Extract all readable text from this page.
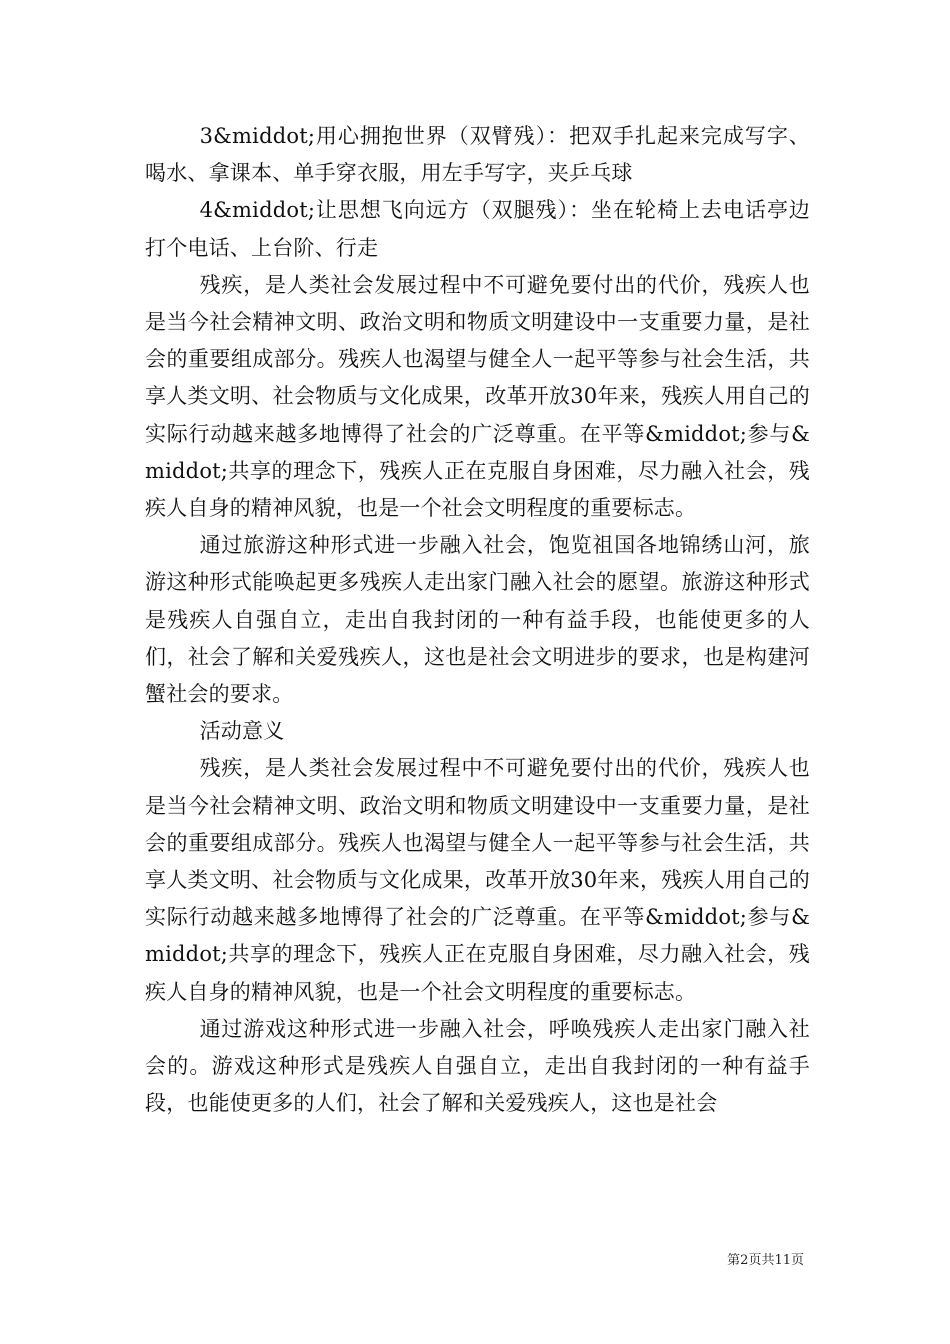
3&middot;用心拥抱世界（双臂残）：把双手扎起来完成写字、喝水、拿课本、单手穿衣服，用左手写字，夹乒乓球

4&middot;让思想飞向远方（双腿残）：坐在轮椅上去电话亭边打个电话、上台阶、行走

残疾，是人类社会发展过程中不可避免要付出的代价，残疾人也是当今社会精神文明、政治文明和物质文明建设中一支重要力量，是社会的重要组成部分。残疾人也渴望与健全人一起平等参与社会生活，共享人类文明、社会物质与文化成果，改革开放30年来，残疾人用自己的实际行动越来越多地博得了社会的广泛尊重。在平等&middot;参与&middot;共享的理念下，残疾人正在克服自身困难，尽力融入社会，残疾人自身的精神风貌，也是一个社会文明程度的重要标志。

通过旅游这种形式进一步融入社会，饱览祖国各地锦绣山河，旅游这种形式能唤起更多残疾人走出家门融入社会的愿望。旅游这种形式是残疾人自强自立，走出自我封闭的一种有益手段，也能使更多的人们，社会了解和关爱残疾人，这也是社会文明进步的要求，也是构建河蟹社会的要求。

活动意义

残疾，是人类社会发展过程中不可避免要付出的代价，残疾人也是当今社会精神文明、政治文明和物质文明建设中一支重要力量，是社会的重要组成部分。残疾人也渴望与健全人一起平等参与社会生活，共享人类文明、社会物质与文化成果，改革开放30年来，残疾人用自己的实际行动越来越多地博得了社会的广泛尊重。在平等&middot;参与&middot;共享的理念下，残疾人正在克服自身困难，尽力融入社会，残疾人自身的精神风貌，也是一个社会文明程度的重要标志。

通过游戏这种形式进一步融入社会，呼唤残疾人走出家门融入社会的。游戏这种形式是残疾人自强自立，走出自我封闭的一种有益手段，也能使更多的人们，社会了解和关爱残疾人，这也是社会

第2页共11页
